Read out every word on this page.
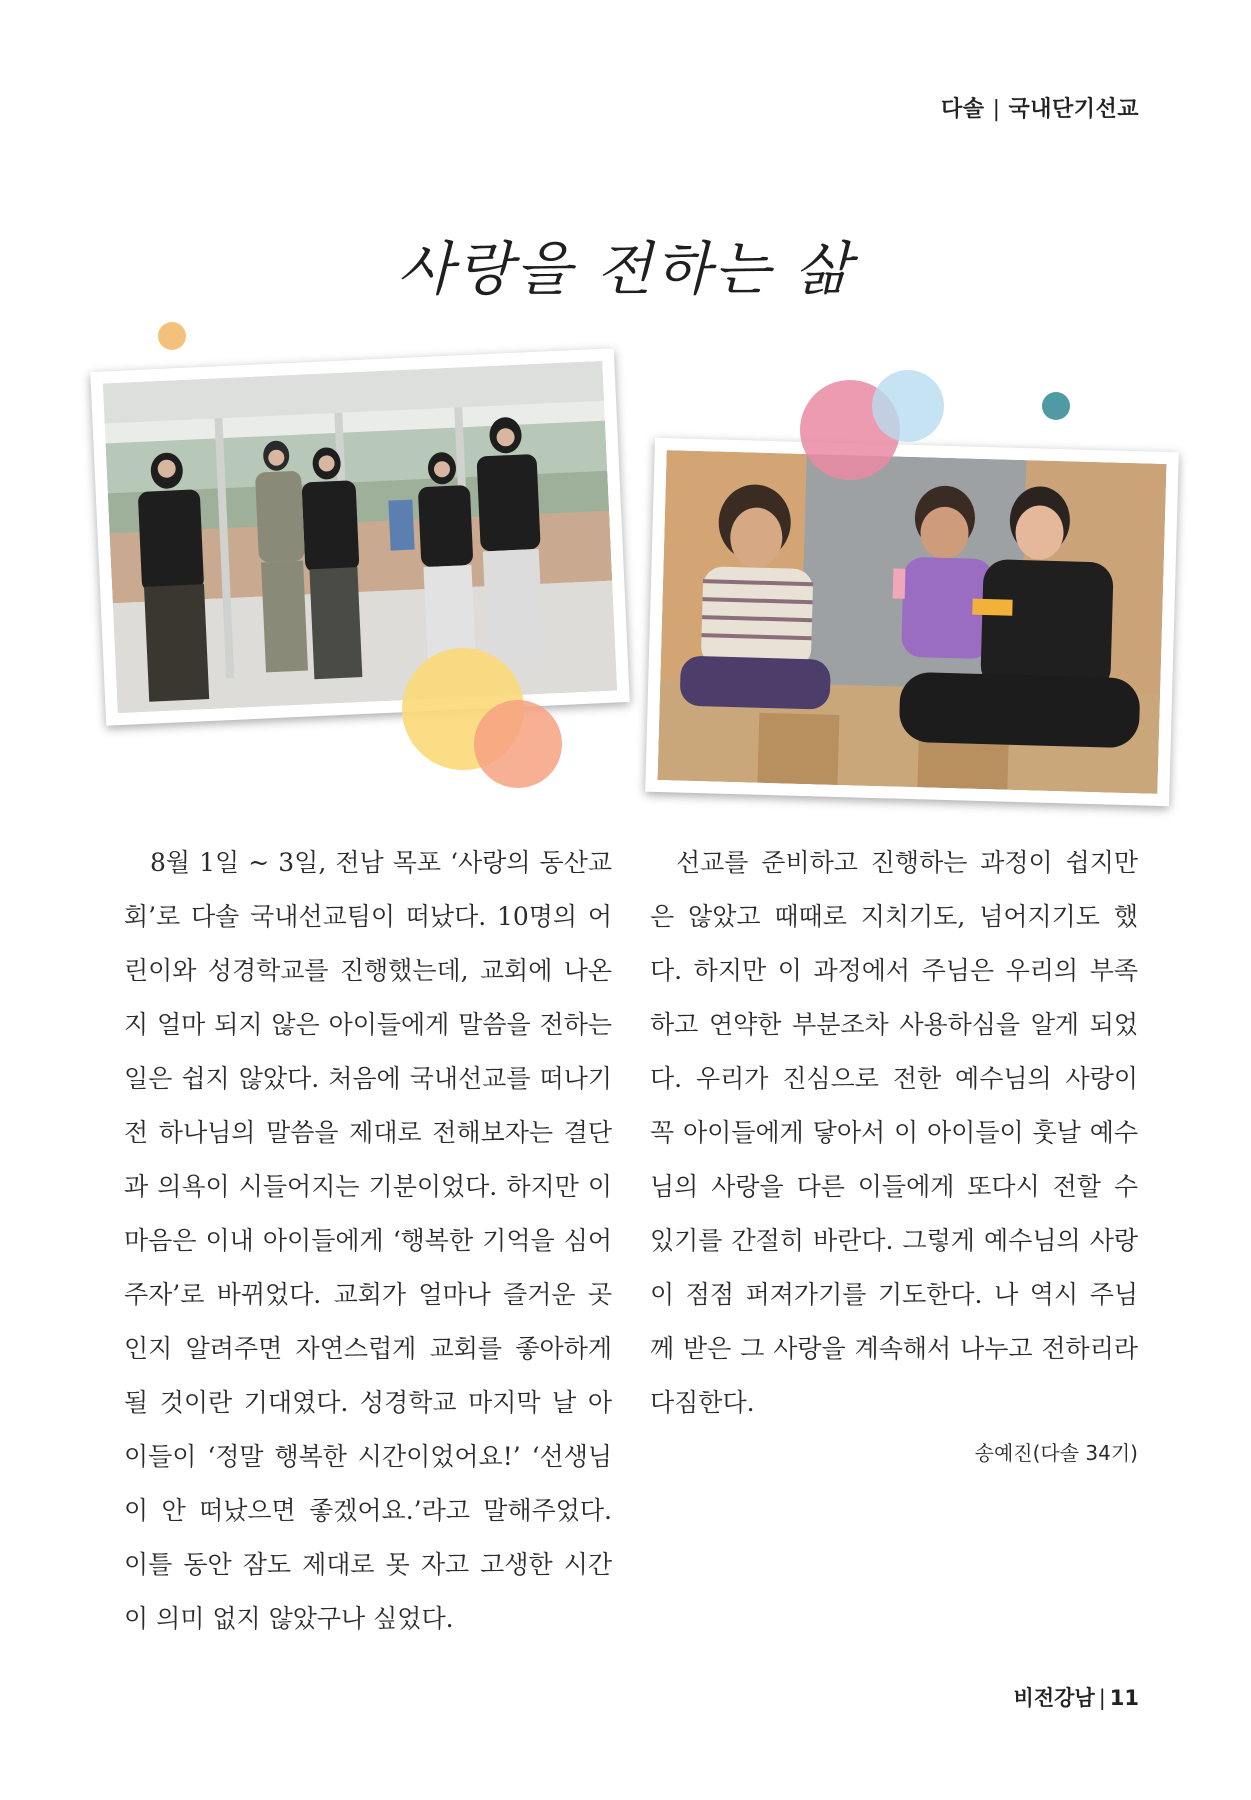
다솔 | 국내단기선교
사랑을 전하는 삶

8월 1일 ~ 3일, 전남 목포 ‘사랑의 동산교회’로 다솔 국내선교팀이 떠났다. 10명의 어린이와 성경학교를 진행했는데, 교회에 나온 지 얼마 되지 않은 아이들에게 말씀을 전하는 일은 쉽지 않았다. 처음에 국내선교를 떠나기 전 하나님의 말씀을 제대로 전해보자는 결단과 의욕이 시들어지는 기분이었다. 하지만 이 마음은 이내 아이들에게 ‘행복한 기억을 심어주자’로 바뀌었다. 교회가 얼마나 즐거운 곳인지 알려주면 자연스럽게 교회를 좋아하게 될 것이란 기대였다. 성경학교 마지막 날 아이들이 ‘정말 행복한 시간이었어요!’ ‘선생님이 안 떠났으면 좋겠어요.’라고 말해주었다. 이틀 동안 잠도 제대로 못 자고 고생한 시간이 의미 없지 않았구나 싶었다.

선교를 준비하고 진행하는 과정이 쉽지만은 않았고 때때로 지치기도, 넘어지기도 했다. 하지만 이 과정에서 주님은 우리의 부족하고 연약한 부분조차 사용하심을 알게 되었다. 우리가 진심으로 전한 예수님의 사랑이 꼭 아이들에게 닿아서 이 아이들이 훗날 예수님의 사랑을 다른 이들에게 또다시 전할 수 있기를 간절히 바란다. 그렇게 예수님의 사랑이 점점 퍼져가기를 기도한다. 나 역시 주님께 받은 그 사랑을 계속해서 나누고 전하리라 다짐한다.

송예진(다솔 34기)

비전강남 | 11
